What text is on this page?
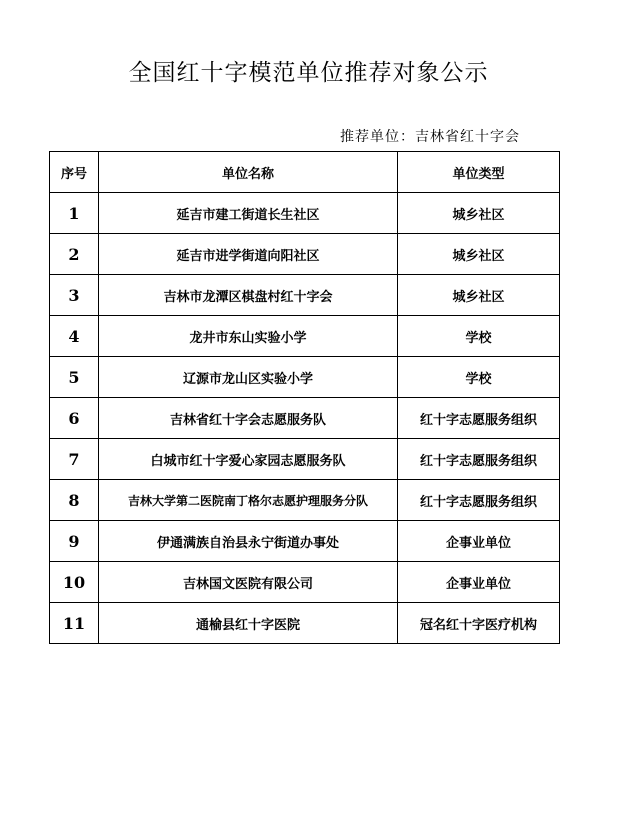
全国红十字模范单位推荐对象公示
推荐单位：吉林省红十字会
序号	单位名称	单位类型
1	延吉市建工街道长生社区	城乡社区
2	延吉市进学街道向阳社区	城乡社区
3	吉林市龙潭区棋盘村红十字会	城乡社区
4	龙井市东山实验小学	学校
5	辽源市龙山区实验小学	学校
6	吉林省红十字会志愿服务队	红十字志愿服务组织
7	白城市红十字爱心家园志愿服务队	红十字志愿服务组织
8	吉林大学第二医院南丁格尔志愿护理服务分队	红十字志愿服务组织
9	伊通满族自治县永宁街道办事处	企事业单位
10	吉林国文医院有限公司	企事业单位
11	通榆县红十字医院	冠名红十字医疗机构
